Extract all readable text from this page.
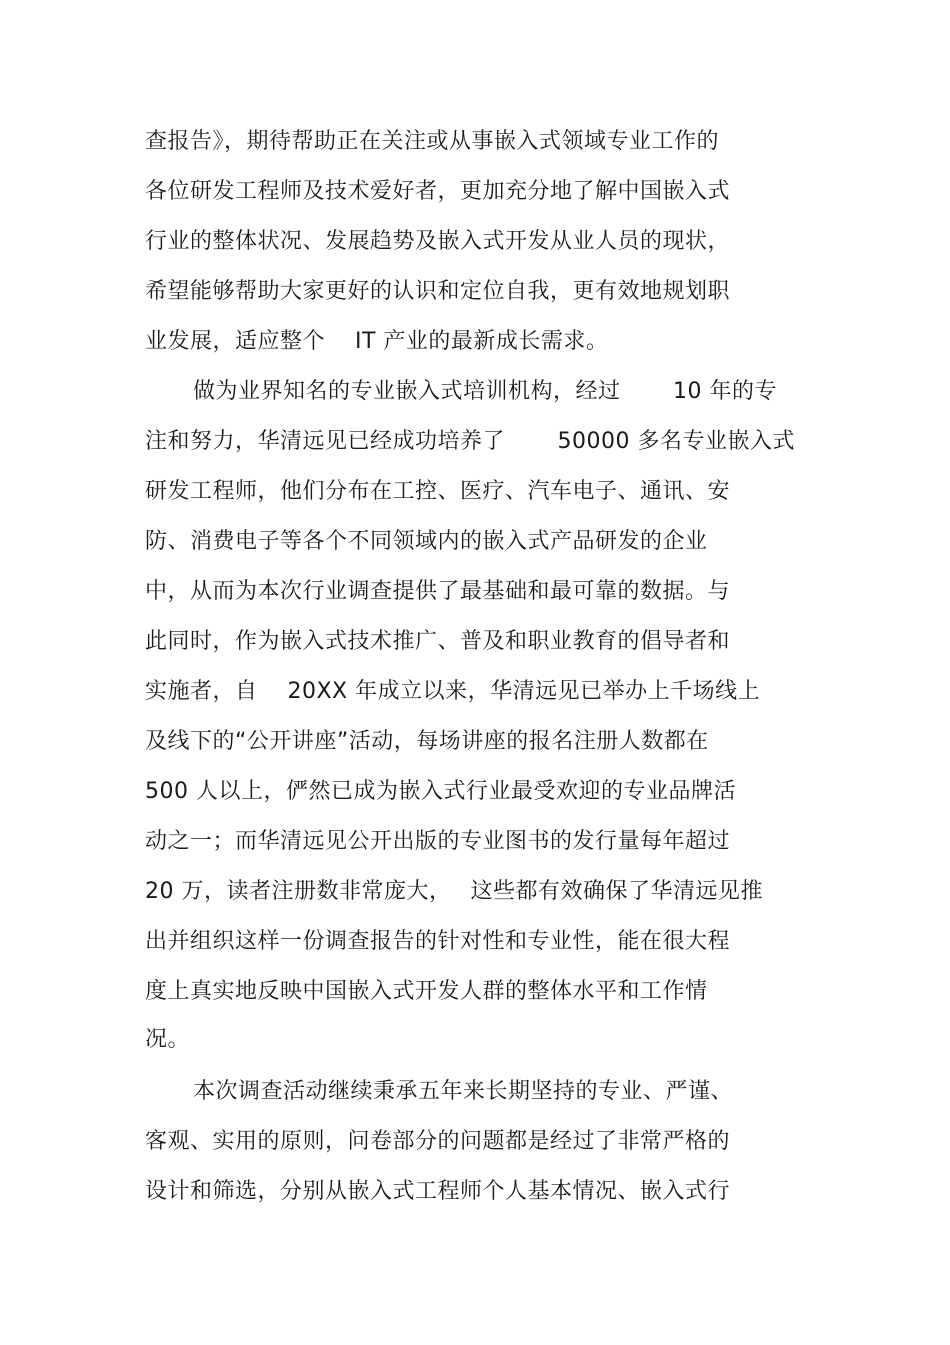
查报告》，期待帮助正在关注或从事嵌入式领域专业工作的
各位研发工程师及技术爱好者，更加充分地了解中国嵌入式
行业的整体状况、发展趋势及嵌入式开发从业人员的现状，
希望能够帮助大家更好的认识和定位自我，更有效地规划职
业发展，适应整个　 IT 产业的最新成长需求。
做为业界知名的专业嵌入式培训机构，经过　　 10 年的专
注和努力，华清远见已经成功培养了　　 50000 多名专业嵌入式
研发工程师，他们分布在工控、医疗、汽车电子、通讯、安
防、消费电子等各个不同领域内的嵌入式产品研发的企业
中，从而为本次行业调查提供了最基础和最可靠的数据。与
此同时，作为嵌入式技术推广、普及和职业教育的倡导者和
实施者，自　 20XX 年成立以来，华清远见已举办上千场线上
及线下的“公开讲座”活动，每场讲座的报名注册人数都在
500 人以上，俨然已成为嵌入式行业最受欢迎的专业品牌活
动之一；而华清远见公开出版的专业图书的发行量每年超过
20 万，读者注册数非常庞大，　 这些都有效确保了华清远见推
出并组织这样一份调查报告的针对性和专业性，能在很大程
度上真实地反映中国嵌入式开发人群的整体水平和工作情
况。
本次调查活动继续秉承五年来长期坚持的专业、严谨、
客观、实用的原则，问卷部分的问题都是经过了非常严格的
设计和筛选，分别从嵌入式工程师个人基本情况、嵌入式行
